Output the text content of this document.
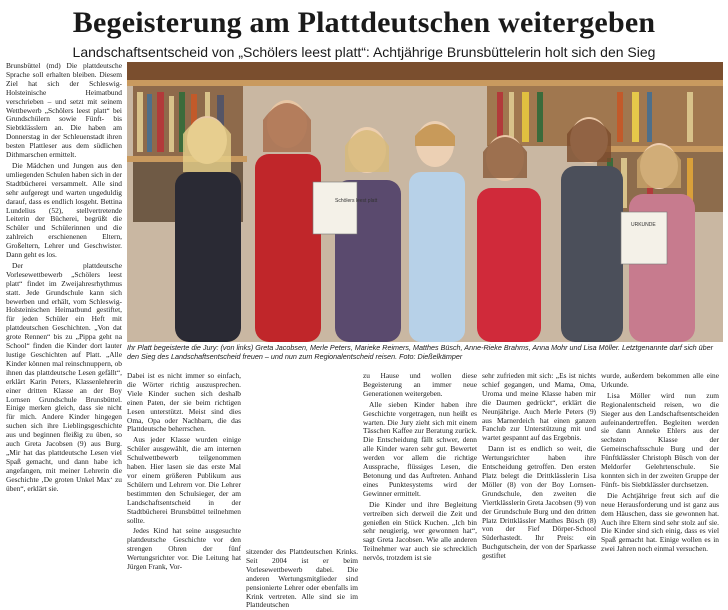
Begeisterung am Plattdeutschen weitergeben
Landschaftsentscheid von „Schölers leest platt“: Achtjährige Brunsbüttelerin holt sich den Sieg
Schölers leest platt
URKUNDE
Ihr Platt begeisterte die Jury: (von links) Greta Jacobsen, Merle Peters, Marieke Reimers, Matthes Büsch, Anne-Rieke Brahms, Anna Mohr und Lisa Möller. Letztgenannte darf sich über den Sieg des Landschaftsentscheid freuen – und nun zum Regionalentscheid reisen. Foto: Dießelkämper

Brunsbüttel (md) Die plattdeutsche Sprache soll erhalten bleiben. Diesem Ziel hat sich der Schleswig-Holsteinische Heimatbund verschrieben – und setzt mit seinem Wettbewerb „Schölers leest platt“ bei Grundschülern sowie Fünft- bis Siebtklässlern an. Die haben am Donnerstag in der Schleuenstadt ihren besten Plattleser aus dem südlichen Dithmarschen ermittelt.

Die Mädchen und Jungen aus den umliegenden Schulen haben sich in der Stadtbücherei versammelt. Alle sind sehr aufgeregt und warten ungeduldig darauf, dass es endlich losgeht. Bettina Lundelius (52), stellvertretende Leiterin der Bücherei, begrüßt die Schüler und Schülerinnen und die zahlreich erschienenen Eltern, Großeltern, Lehrer und Geschwister. Dann geht es los.

Der plattdeutsche Vorlesewettbewerb „Schölers leest platt“ findet im Zweijahresrhythmus statt. Jede Grundschule kann sich bewerben und erhält, vom Schleswig-Holsteinischen Heimatbund gestiftet, für jeden Schüler ein Heft mit plattdeutschen Geschichten. „Von dat grote Rennen“ bis zu „Pippa geht na School“ finden die Kinder dort lauter lustige Geschichten auf Platt. „Alle Kinder können mal reinschnuppern, ob ihnen das plattdeutsche Lesen gefällt“, erklärt Karin Peters, Klassenlehrerin einer dritten Klasse an der Boy Lornsen Grundschule Brunsbüttel. Einige merken gleich, dass sie nicht für mich. Andere Kinder hingegen suchen sich ihre Lieblingsgeschichte aus und beginnen fleißig zu üben, so auch Greta Jacobsen (9) aus Burg. „Mir hat das plattdeutsche Lesen viel Spaß gemacht, und dann habe ich angefangen, mit meiner Lehrerin die Geschichte ‚De groten Unkel Max‘ zu üben“, erklärt sie.

Dabei ist es nicht immer so einfach, die Wörter richtig auszusprechen. Viele Kinder suchen sich deshalb einen Paten, der sie beim richtigen Lesen unterstützt. Meist sind dies Oma, Opa oder Nachbarn, die das Plattdeutsche beherrschen.

Aus jeder Klasse wurden einige Schüler ausgewählt, die am internen Schulwettbewerb teilgenommen haben. Hier lasen sie das erste Mal vor einem größeren Publikum aus Schülern und Lehrern vor. Die Lehrer bestimmten den Schulsieger, der am Landschaftsentscheid in der Stadtbücherei Brunsbüttel teilnehmen sollte.

Jedes Kind hat seine ausgesuchte plattdeutsche Geschichte vor den strengen Ohren der fünf Wertungsrichter vor. Die Leitung hat Jürgen Frank, Vor-

sitzender des Plattdeutschen Krinks. Seit 2004 ist er beim Vorlesewettbewerb dabei. Die anderen Wertungsmitglieder sind pensionierte Lehrer oder ebenfalls im Krink vertreten. Alle sind sie im Plattdeutschen

zu Hause und wollen diese Begeisterung an immer neue Generationen weitergeben.

Alle sieben Kinder haben ihre Geschichte vorgetragen, nun heißt es warten. Die Jury zieht sich mit einem Tässchen Kaffee zur Beratung zurück. Die Entscheidung fällt schwer, denn alle Kinder waren sehr gut. Bewertet werden vor allem die richtige Aussprache, flüssiges Lesen, die Betonung und das Auftreten. Anhand eines Punktesystems wird der Gewinner ermittelt.

Die Kinder und ihre Begleitung vertreiben sich derweil die Zeit und genießen ein Stück Kuchen. „Ich bin sehr neugierig, wer gewonnen hat“, sagt Greta Jacobsen. Wie alle anderen Teilnehmer war auch sie schrecklich nervös, trotzdem ist sie

sehr zufrieden mit sich: „Es ist nichts schief gegangen, und Mama, Oma, Uroma und meine Klasse haben mir die Daumen gedrückt“, erklärt die Neunjährige. Auch Merle Peters (9) aus Marnerdeich hat einen ganzen Fanclub zur Unterstützung mit und wartet gespannt auf das Ergebnis.

Dann ist es endlich so weit, die Wertungsrichter haben ihre Entscheidung getroffen. Den ersten Platz belegt die Drittklässlerin Lisa Möller (8) von der Boy Lornsen-Grundschule, den zweiten die Viertklässlerin Greta Jacobsen (9) von der Grundschule Burg und den dritten Platz Drittklässler Matthes Büsch (8) von der Fief Dörper-School Süderhastedt. Ihr Preis: ein Buchgutschein, der von der Sparkasse gestiftet

wurde, außerdem bekommen alle eine Urkunde.

Lisa Möller wird nun zum Regionalentscheid reisen, wo die Sieger aus den Landschaftsentscheiden aufeinandertreffen. Begleiten werden sie dann Anneke Ehlers aus der sechsten Klasse der Gemeinschaftsschule Burg und der Fünftklässler Christoph Büsch von der Meldorfer Gelehrtenschule. Sie konnten sich in der zweiten Gruppe der Fünft- bis Siebtklässler durchsetzen.

Die Achtjährige freut sich auf die neue Herausforderung und ist ganz aus dem Häuschen, dass sie gewonnen hat. Auch ihre Eltern sind sehr stolz auf sie. Die Kinder sind sich einig, dass es viel Spaß gemacht hat. Einige wollen es in zwei Jahren noch einmal versuchen.
